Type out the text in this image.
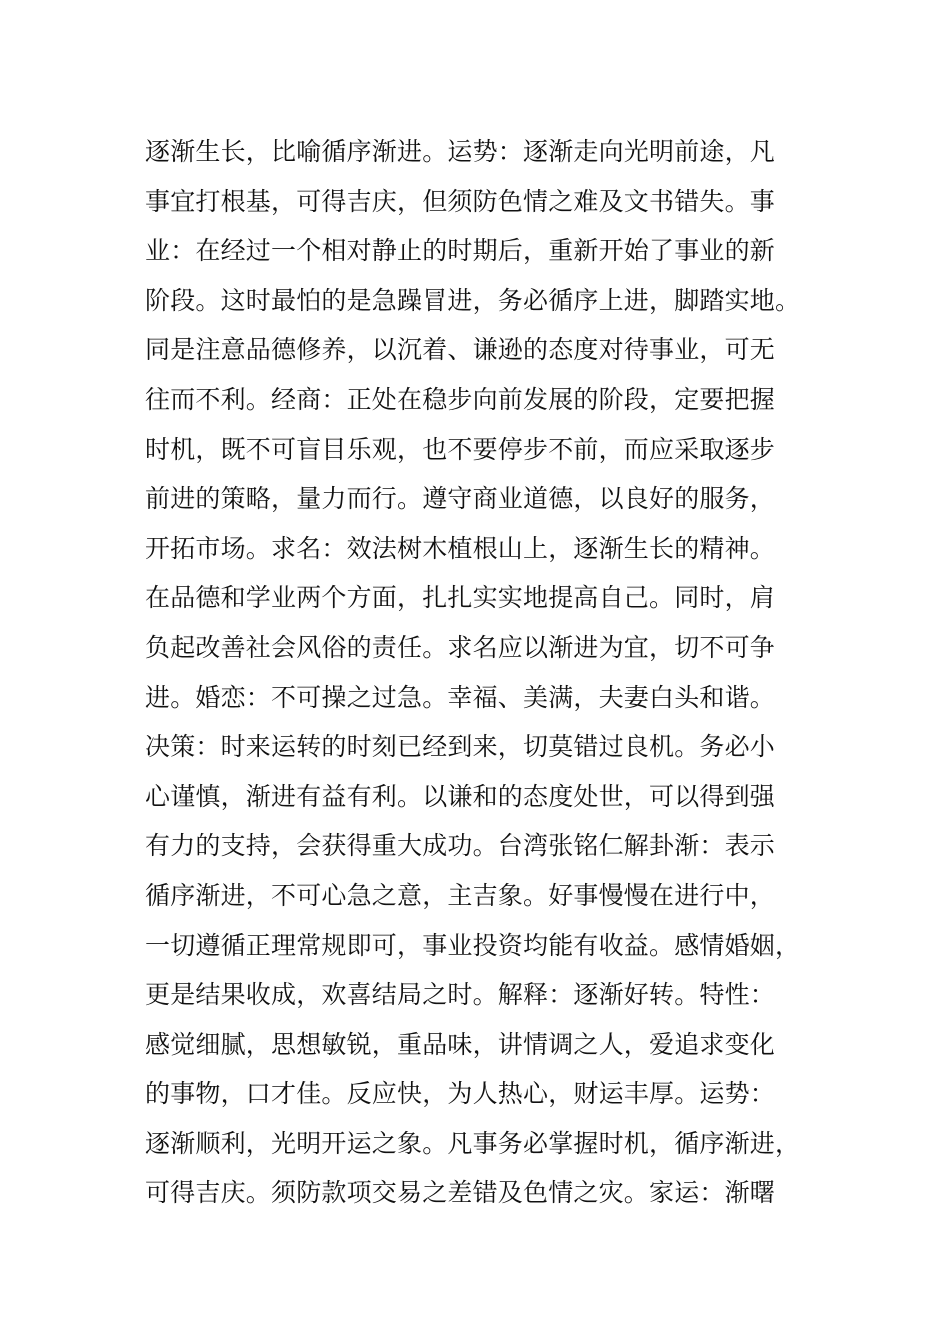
逐渐生长，比喻循序渐进。运势：逐渐走向光明前途，凡
事宜打根基，可得吉庆，但须防色情之难及文书错失。事
业：在经过一个相对静止的时期后，重新开始了事业的新
阶段。这时最怕的是急躁冒进，务必循序上进，脚踏实地。
同是注意品德修养，以沉着、谦逊的态度对待事业，可无
往而不利。经商：正处在稳步向前发展的阶段，定要把握
时机，既不可盲目乐观，也不要停步不前，而应采取逐步
前进的策略，量力而行。遵守商业道德，以良好的服务，
开拓市场。求名：效法树木植根山上，逐渐生长的精神。
在品德和学业两个方面，扎扎实实地提高自己。同时，肩
负起改善社会风俗的责任。求名应以渐进为宜，切不可争
进。婚恋：不可操之过急。幸福、美满，夫妻白头和谐。
决策：时来运转的时刻已经到来，切莫错过良机。务必小
心谨慎，渐进有益有利。以谦和的态度处世，可以得到强
有力的支持，会获得重大成功。台湾张铭仁解卦渐：表示
循序渐进，不可心急之意，主吉象。好事慢慢在进行中，
一切遵循正理常规即可，事业投资均能有收益。感情婚姻，
更是结果收成，欢喜结局之时。解释：逐渐好转。特性：
感觉细腻，思想敏锐，重品味，讲情调之人，爱追求变化
的事物，口才佳。反应快，为人热心，财运丰厚。运势：
逐渐顺利，光明开运之象。凡事务必掌握时机，循序渐进，
可得吉庆。须防款项交易之差错及色情之灾。家运：渐曙
